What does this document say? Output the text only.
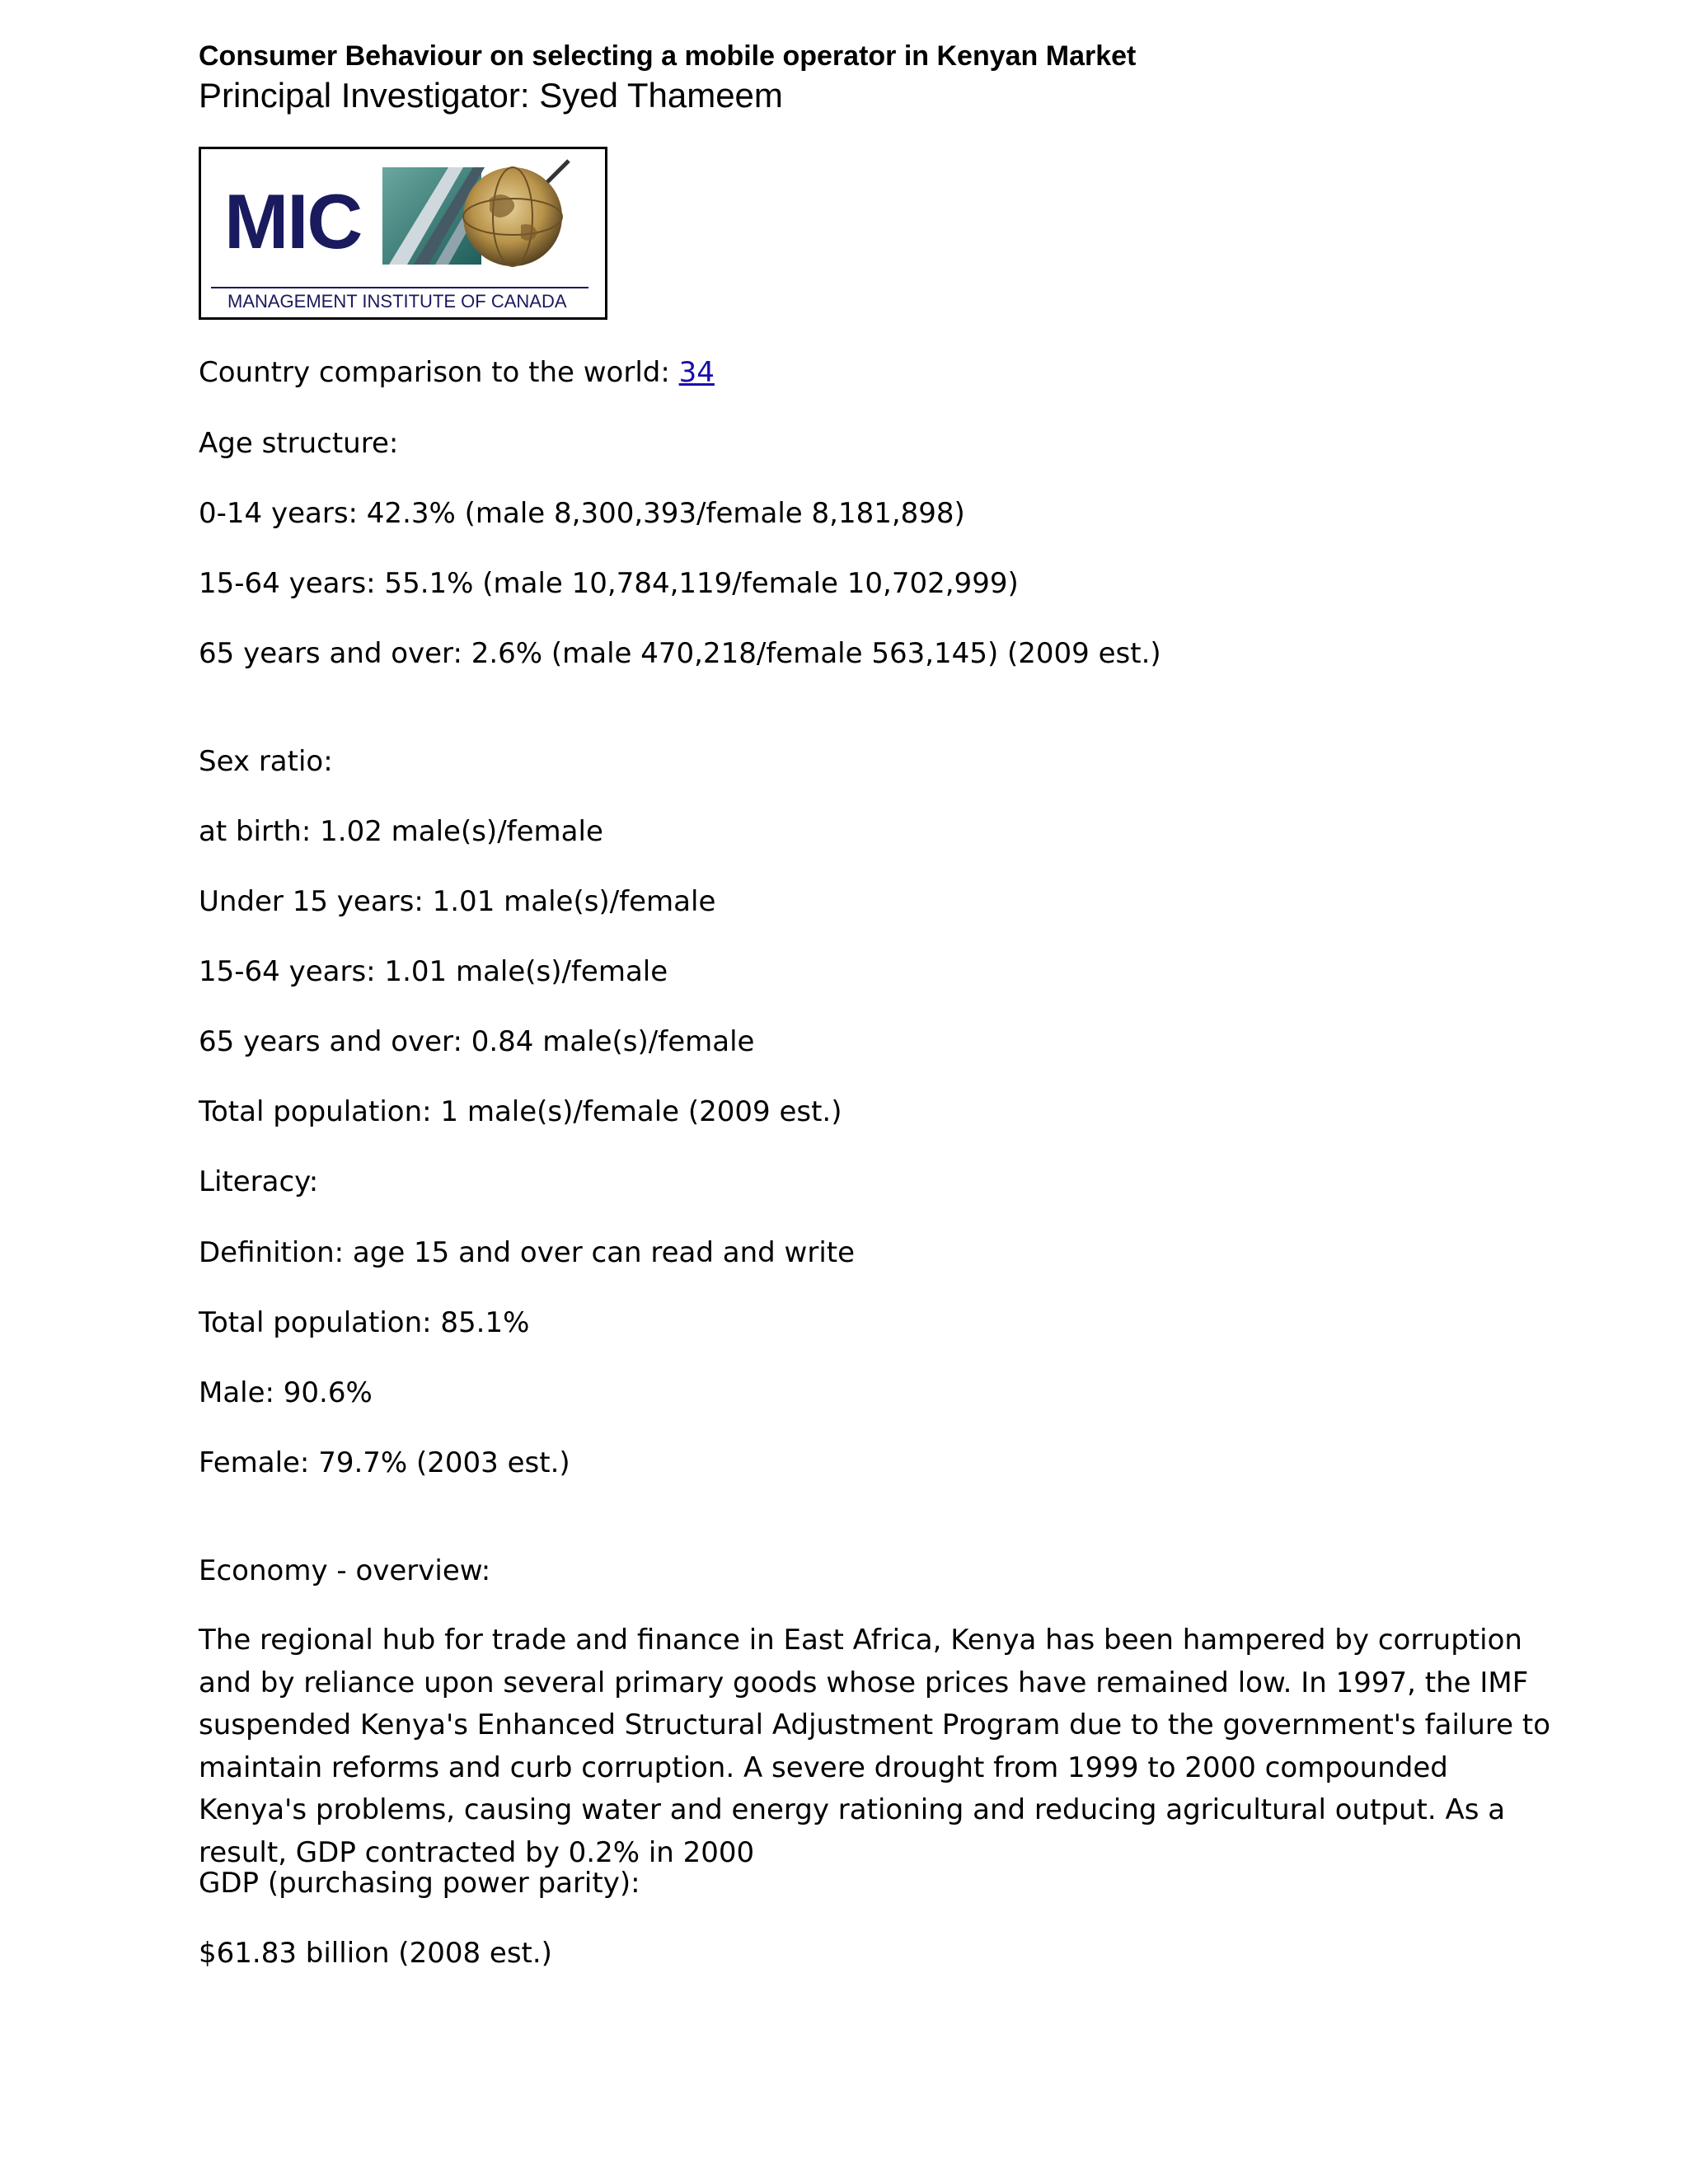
Consumer Behaviour on selecting a mobile operator in Kenyan Market
Principal Investigator: Syed Thameem
MIC
MANAGEMENT INSTITUTE OF CANADA
Country comparison to the world: 34
Age structure:
0-14 years: 42.3% (male 8,300,393/female 8,181,898)
15-64 years: 55.1% (male 10,784,119/female 10,702,999)
65 years and over: 2.6% (male 470,218/female 563,145) (2009 est.)
Sex ratio:
at birth: 1.02 male(s)/female
Under 15 years: 1.01 male(s)/female
15-64 years: 1.01 male(s)/female
65 years and over: 0.84 male(s)/female
Total population: 1 male(s)/female (2009 est.)
Literacy:
Definition: age 15 and over can read and write
Total population: 85.1%
Male: 90.6%
Female: 79.7% (2003 est.)
Economy - overview:
The regional hub for trade and finance in East Africa, Kenya has been hampered by corruption and by reliance upon several primary goods whose prices have remained low. In 1997, the IMF suspended Kenya's Enhanced Structural Adjustment Program due to the government's failure to maintain reforms and curb corruption. A severe drought from 1999 to 2000 compounded Kenya's problems, causing water and energy rationing and reducing agricultural output. As a result, GDP contracted by 0.2% in 2000
GDP (purchasing power parity):
$61.83 billion (2008 est.)
